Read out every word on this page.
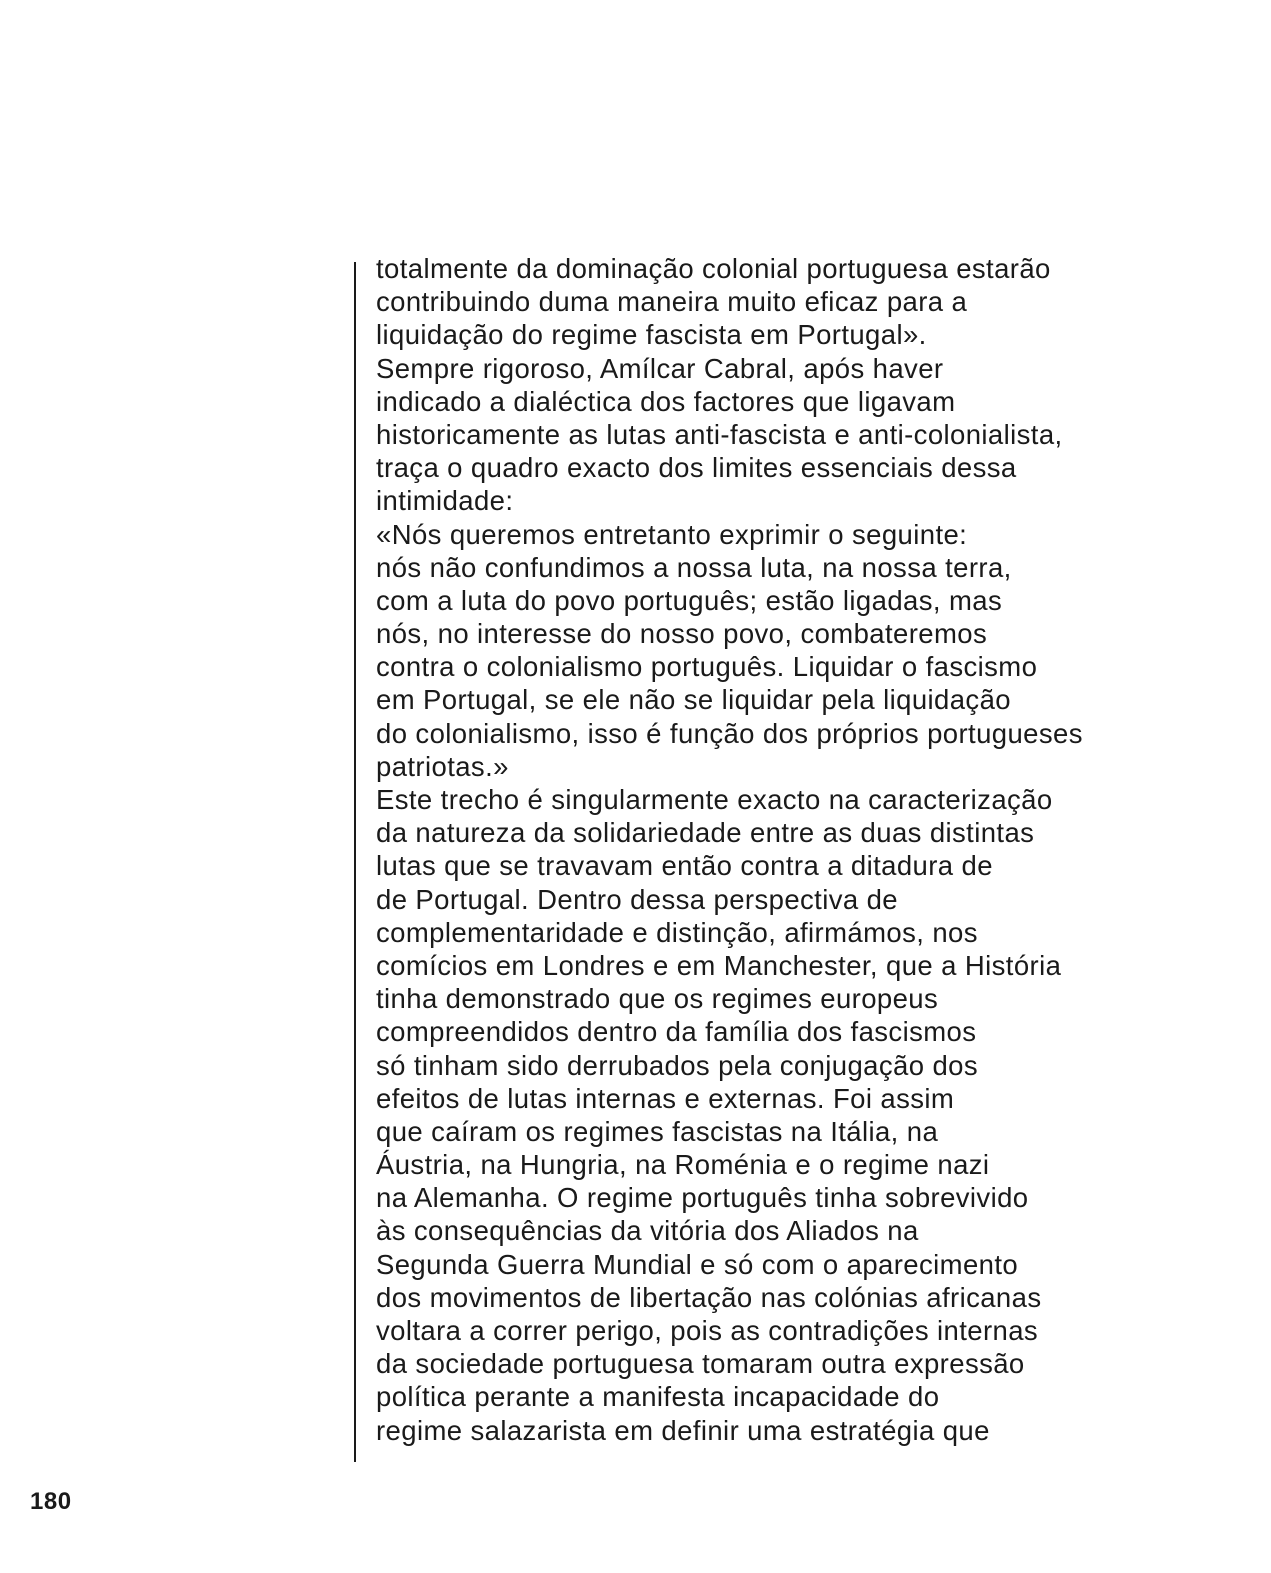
totalmente da dominação colonial portuguesa estarão
contribuindo duma maneira muito eficaz para a
liquidação do regime fascista em Portugal».
Sempre rigoroso, Amílcar Cabral, após haver
indicado a dialéctica dos factores que ligavam
historicamente as lutas anti-fascista e anti-colonialista,
traça o quadro exacto dos limites essenciais dessa
intimidade:
«Nós queremos entretanto exprimir o seguinte:
nós não confundimos a nossa luta, na nossa terra,
com a luta do povo português; estão ligadas, mas
nós, no interesse do nosso povo, combateremos
contra o colonialismo português. Liquidar o fascismo
em Portugal, se ele não se liquidar pela liquidação
do colonialismo, isso é função dos próprios portugueses
patriotas.»
Este trecho é singularmente exacto na caracterização
da natureza da solidariedade entre as duas distintas
lutas que se travavam então contra a ditadura de
de Portugal. Dentro dessa perspectiva de
complementaridade e distinção, afirmámos, nos
comícios em Londres e em Manchester, que a História
tinha demonstrado que os regimes europeus
compreendidos dentro da família dos fascismos
só tinham sido derrubados pela conjugação dos
efeitos de lutas internas e externas. Foi assim
que caíram os regimes fascistas na Itália, na
Áustria, na Hungria, na Roménia e o regime nazi
na Alemanha. O regime português tinha sobrevivido
às consequências da vitória dos Aliados na
Segunda Guerra Mundial e só com o aparecimento
dos movimentos de libertação nas colónias africanas
voltara a correr perigo, pois as contradições internas
da sociedade portuguesa tomaram outra expressão
política perante a manifesta incapacidade do
regime salazarista em definir uma estratégia que
180
